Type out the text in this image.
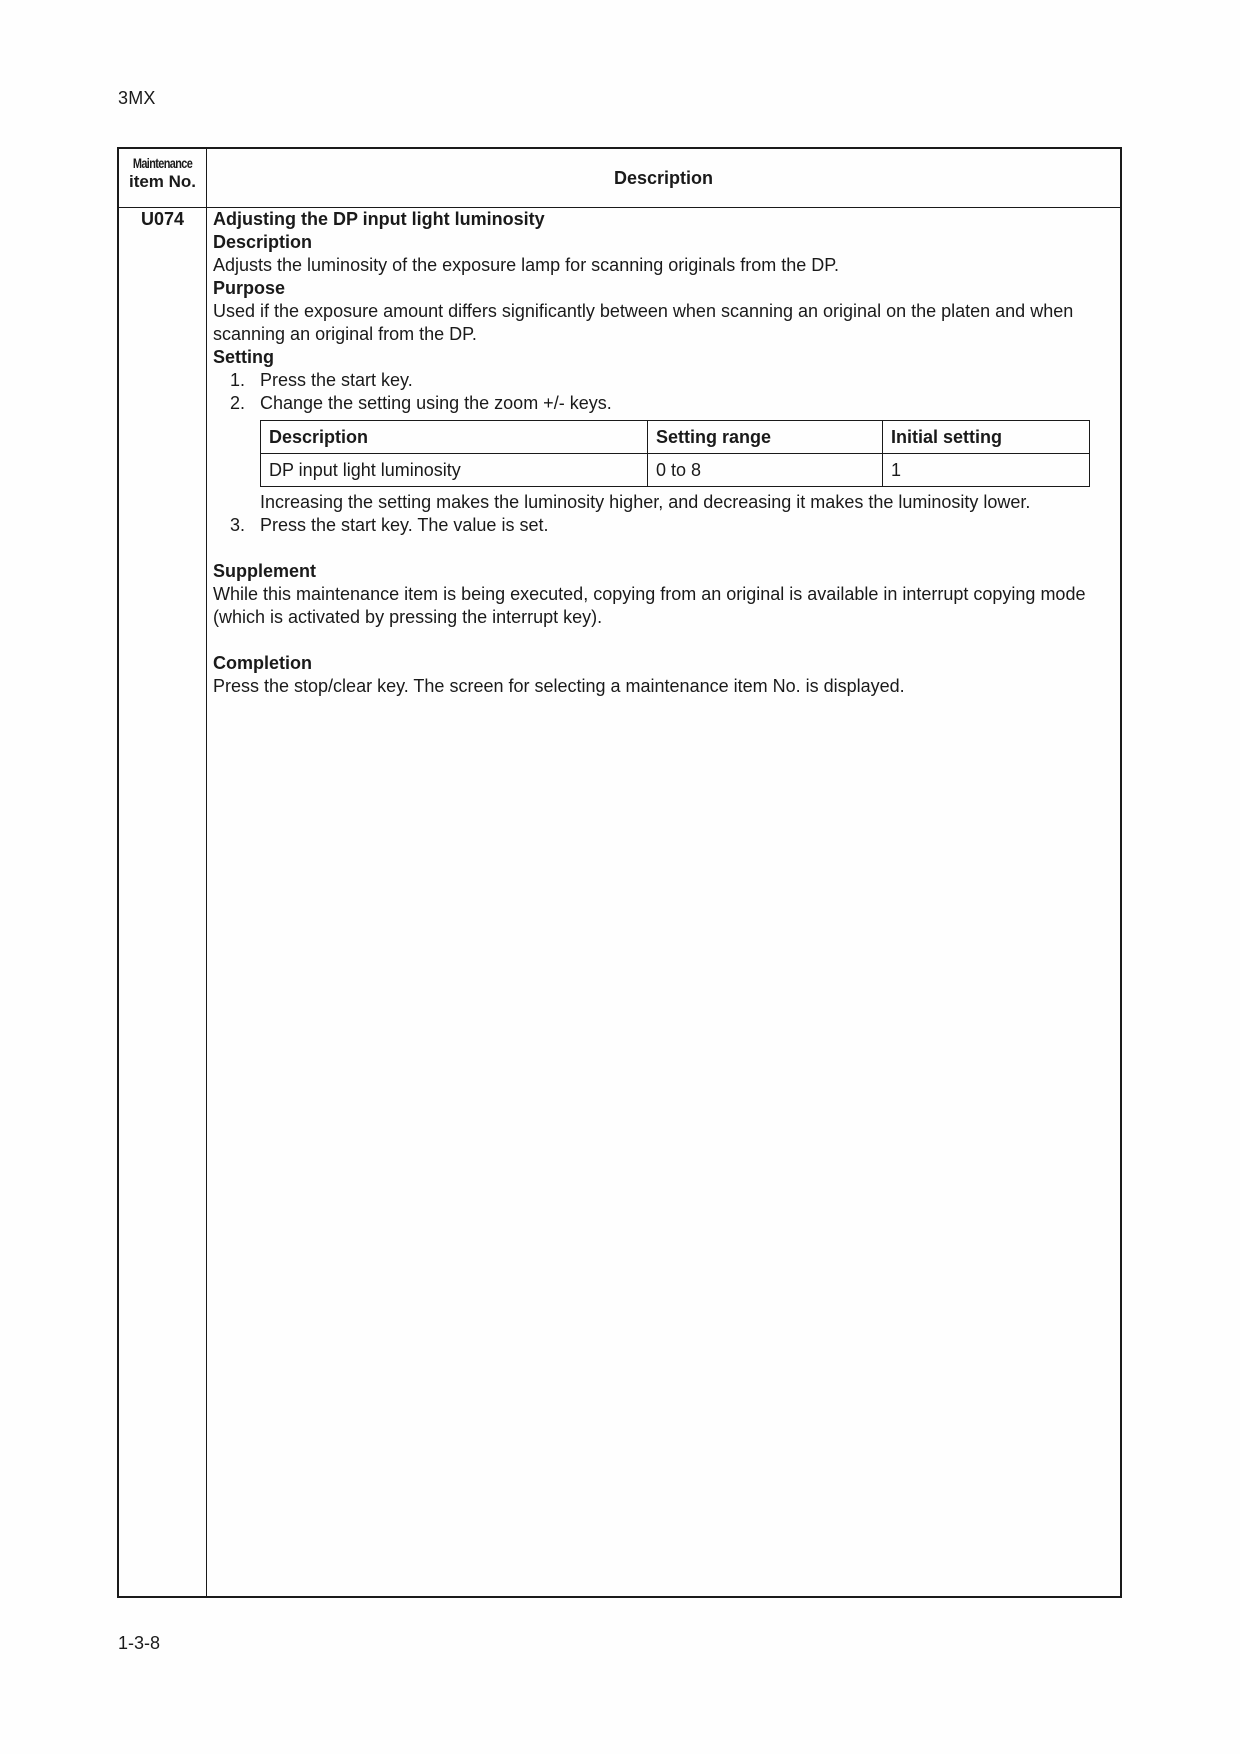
3MX
Maintenance
item No.	Description
U074	Adjusting the DP input light luminosity

Description

Adjusts the luminosity of the exposure lamp for scanning originals from the DP.

Purpose

Used if the exposure amount differs significantly between when scanning an original on the platen and when

scanning an original from the DP.

Setting

1. Press the start key.
2. Change the setting using the zoom +/- keys.
Description	Setting range	Initial setting
DP input light luminosity	0 to 8	1

Increasing the setting makes the luminosity higher, and decreasing it makes the luminosity lower.

3. Press the start key. The value is set.

Supplement

While this maintenance item is being executed, copying from an original is available in interrupt copying mode

(which is activated by pressing the interrupt key).

Completion

Press the stop/clear key. The screen for selecting a maintenance item No. is displayed.

1-3-8
